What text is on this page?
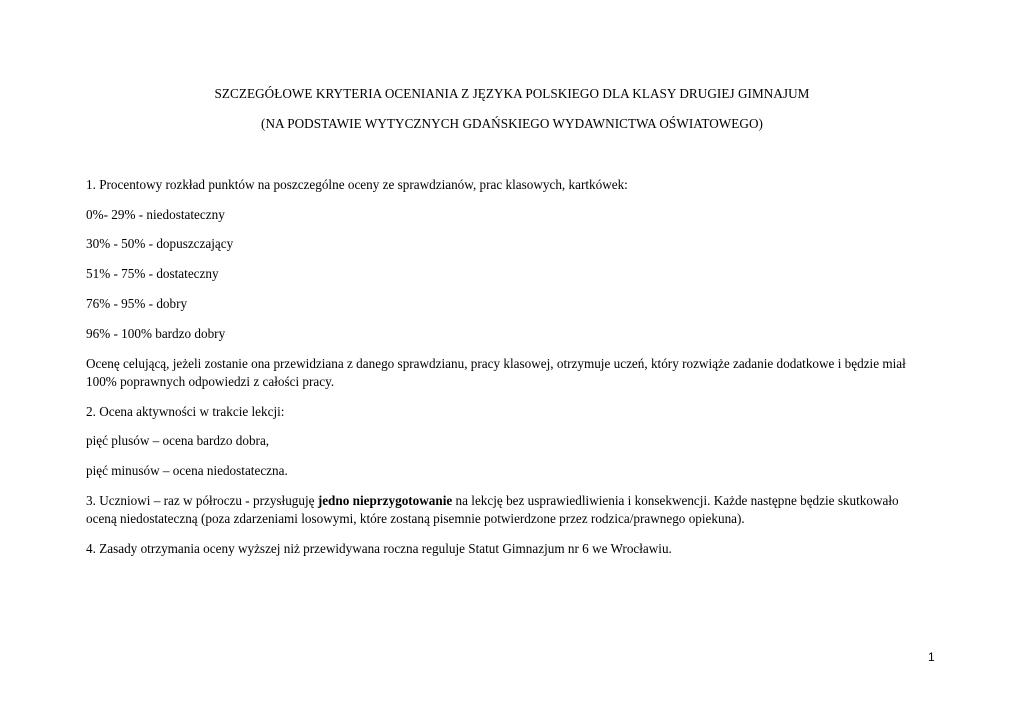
SZCZEGÓŁOWE KRYTERIA OCENIANIA Z JĘZYKA POLSKIEGO DLA KLASY DRUGIEJ GIMNAJUM
(NA PODSTAWIE WYTYCZNYCH GDAŃSKIEGO WYDAWNICTWA OŚWIATOWEGO)
1. Procentowy rozkład punktów na poszczególne oceny ze sprawdzianów, prac klasowych, kartkówek:
0%- 29% - niedostateczny
30% - 50% - dopuszczający
51% - 75% - dostateczny
76% - 95% - dobry
96% - 100% bardzo dobry
Ocenę celującą, jeżeli zostanie ona przewidziana z danego sprawdzianu, pracy klasowej, otrzymuje uczeń, który rozwiąże zadanie dodatkowe i będzie miał
100% poprawnych odpowiedzi z całości pracy.
2. Ocena aktywności w trakcie lekcji:
pięć plusów – ocena bardzo dobra,
pięć minusów – ocena niedostateczna.
3. Uczniowi – raz w półroczu - przysługuję jedno nieprzygotowanie na lekcję bez usprawiedliwienia i konsekwencji. Każde następne będzie skutkowało
oceną niedostateczną (poza zdarzeniami losowymi, które zostaną pisemnie potwierdzone przez rodzica/prawnego opiekuna).
4. Zasady otrzymania oceny wyższej niż przewidywana roczna reguluje Statut Gimnazjum nr 6 we Wrocławiu.
1
